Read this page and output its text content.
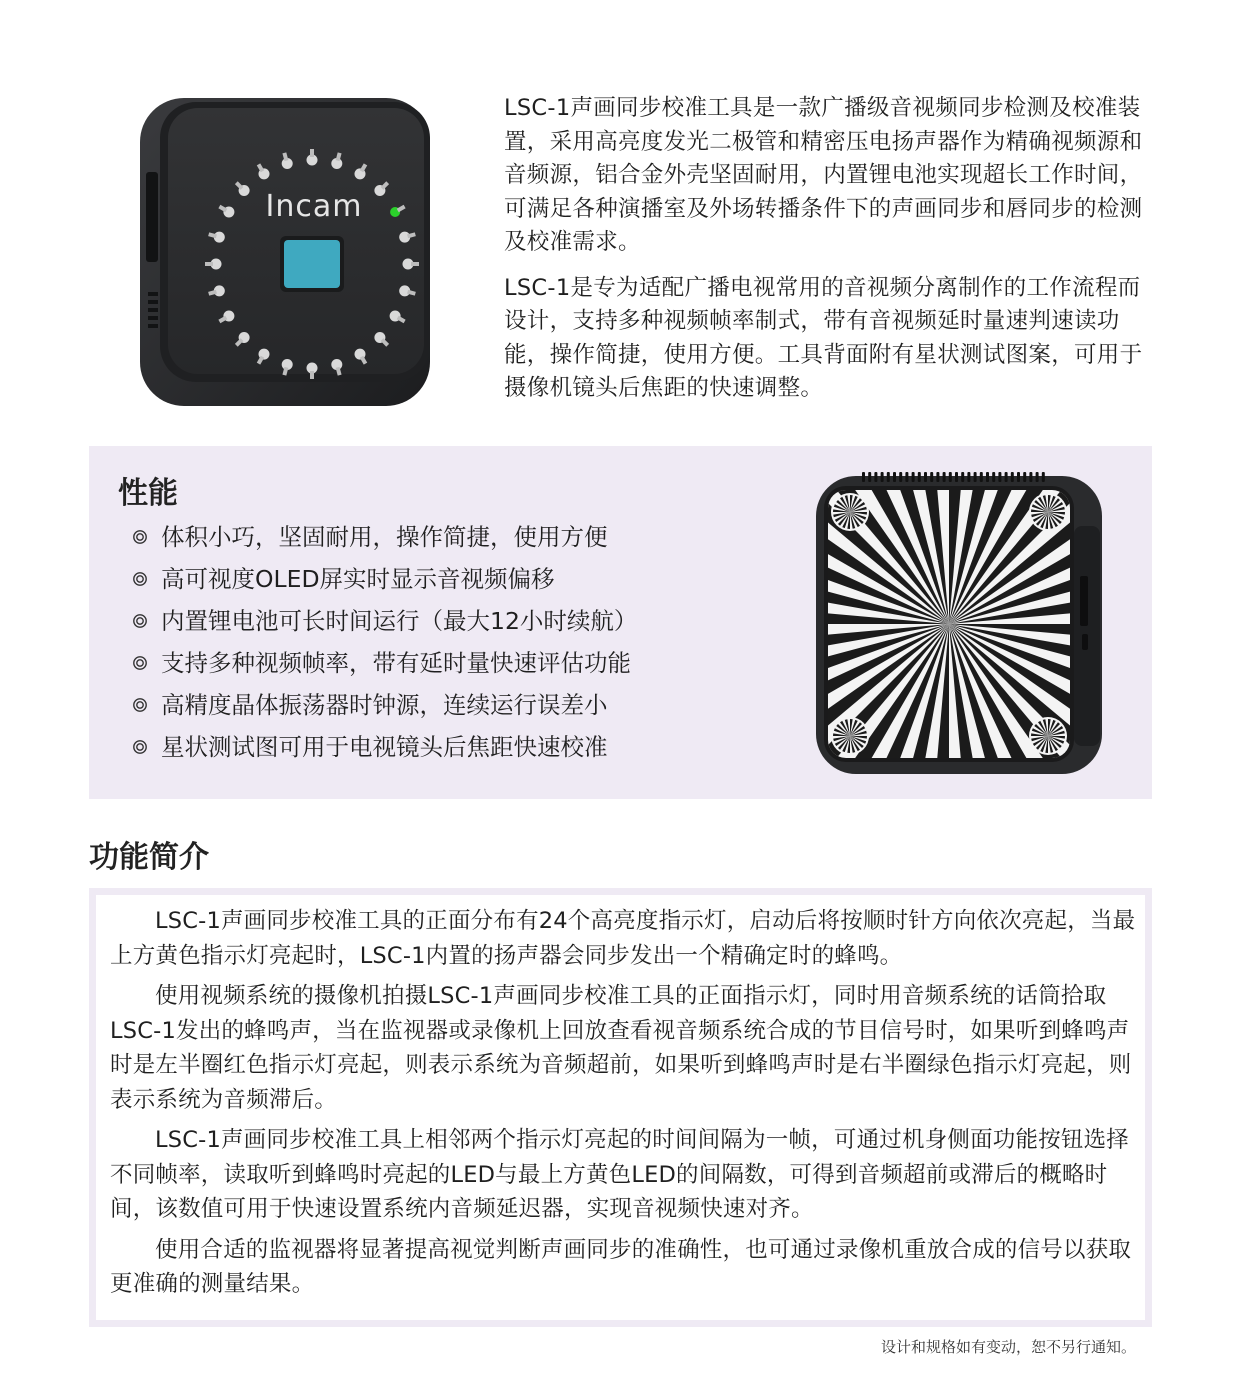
Incam

LSC-1声画同步校准工具是一款广播级音视频同步检测及校准装置，采用高亮度发光二极管和精密压电扬声器作为精确视频源和音频源，铝合金外壳坚固耐用，内置锂电池实现超长工作时间，可满足各种演播室及外场转播条件下的声画同步和唇同步的检测及校准需求。

LSC-1是专为适配广播电视常用的音视频分离制作的工作流程而设计，支持多种视频帧率制式，带有音视频延时量速判速读功能，操作简捷，使用方便。工具背面附有星状测试图案，可用于摄像机镜头后焦距的快速调整。

性能
体积小巧，坚固耐用，操作简捷，使用方便
高可视度OLED屏实时显示音视频偏移
内置锂电池可长时间运行（最大12小时续航）
支持多种视频帧率，带有延时量快速评估功能
高精度晶体振荡器时钟源，连续运行误差小
星状测试图可用于电视镜头后焦距快速校准
功能简介

LSC-1声画同步校准工具的正面分布有24个高亮度指示灯，启动后将按顺时针方向依次亮起，当最上方黄色指示灯亮起时，LSC-1内置的扬声器会同步发出一个精确定时的蜂鸣。

使用视频系统的摄像机拍摄LSC-1声画同步校准工具的正面指示灯，同时用音频系统的话筒拾取LSC-1发出的蜂鸣声，当在监视器或录像机上回放查看视音频系统合成的节目信号时，如果听到蜂鸣声时是左半圈红色指示灯亮起，则表示系统为音频超前，如果听到蜂鸣声时是右半圈绿色指示灯亮起，则表示系统为音频滞后。

LSC-1声画同步校准工具上相邻两个指示灯亮起的时间间隔为一帧，可通过机身侧面功能按钮选择不同帧率，读取听到蜂鸣时亮起的LED与最上方黄色LED的间隔数，可得到音频超前或滞后的概略时间，该数值可用于快速设置系统内音频延迟器，实现音视频快速对齐。

使用合适的监视器将显著提高视觉判断声画同步的准确性，也可通过录像机重放合成的信号以获取更准确的测量结果。

设计和规格如有变动，恕不另行通知。
